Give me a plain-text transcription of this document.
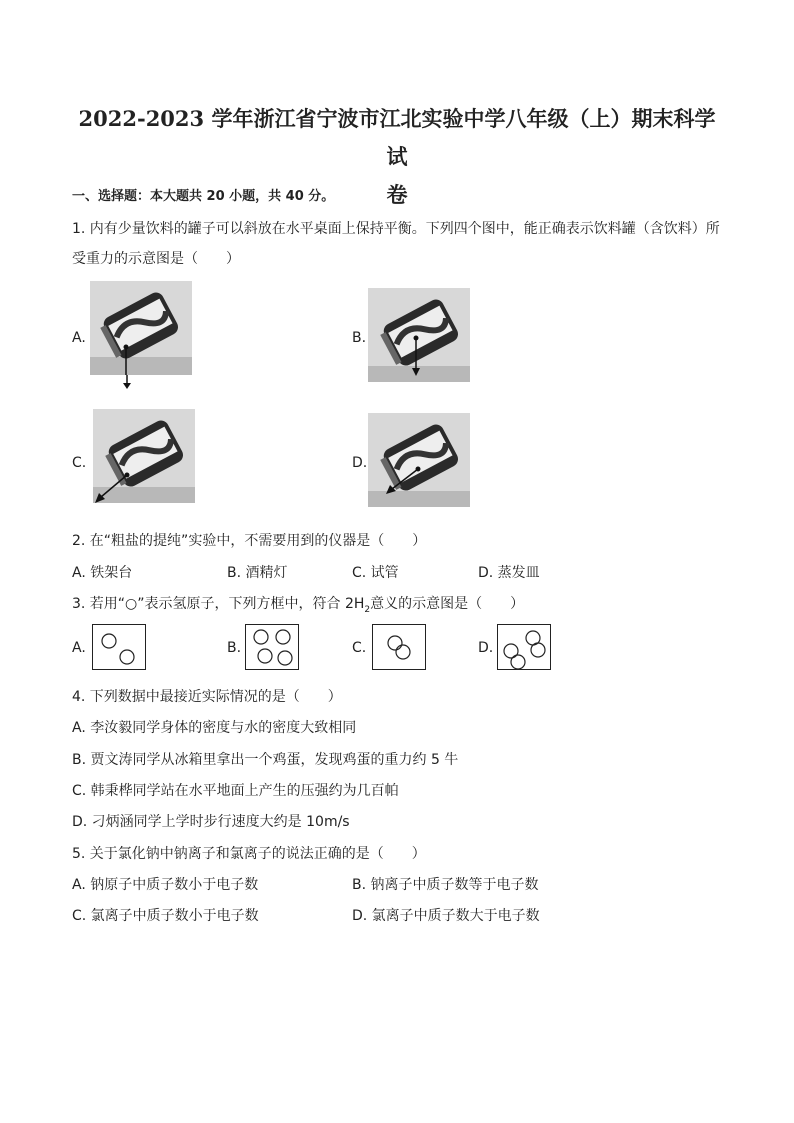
2022-2023 学年浙江省宁波市江北实验中学八年级（上）期末科学试
卷
一、选择题：本大题共 20 小题，共 40 分。
1. 内有少量饮料的罐子可以斜放在水平桌面上保持平衡。下列四个图中，能正确表示饮料罐（含饮料）所
受重力的示意图是（　　）
A.	B.
C.	D.
2. 在“粗盐的提纯”实验中，不需要用到的仪器是（　　）
A. 铁架台	B. 酒精灯	C. 试管	D. 蒸发皿
3. 若用“○”表示氢原子，下列方框中，符合 $2H_2$意义的示意图是（　　）
A.	B.	C.	D.
4. 下列数据中最接近实际情况的是（　　）
A. 李汝毅同学身体的密度与水的密度大致相同
B. 贾文涛同学从冰箱里拿出一个鸡蛋，发现鸡蛋的重力约 5 牛
C. 韩秉桦同学站在水平地面上产生的压强约为几百帕
D. 刁炳涵同学上学时步行速度大约是 10m/s
5. 关于氯化钠中钠离子和氯离子的说法正确的是（　　）
A. 钠原子中质子数小于电子数	B. 钠离子中质子数等于电子数
C. 氯离子中质子数小于电子数	D. 氯离子中质子数大于电子数
